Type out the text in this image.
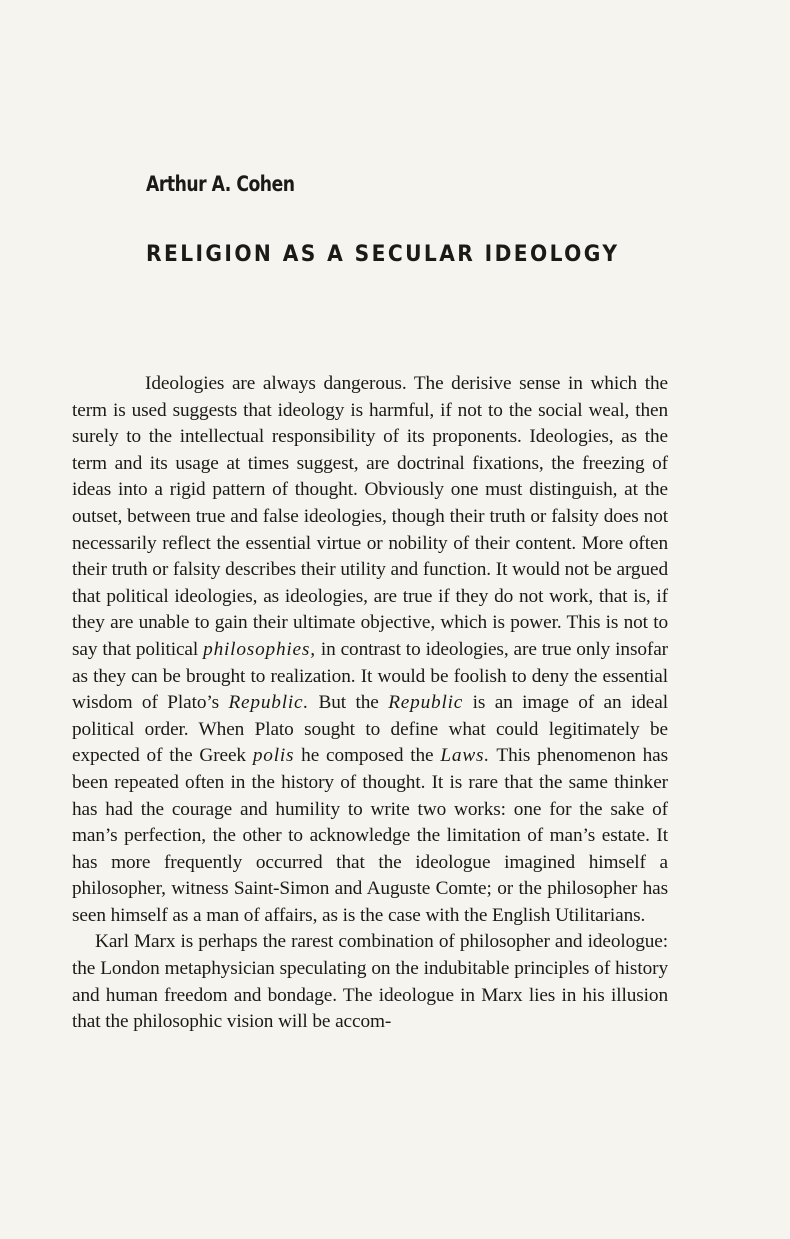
Arthur A. Cohen
RELIGION AS A SECULAR IDEOLOGY

Ideologies are always dangerous. The derisive sense in which the term is used suggests that ideology is harmful, if not to the social weal, then surely to the intellectual responsibility of its proponents. Ideologies, as the term and its usage at times suggest, are doctrinal fixations, the freezing of ideas into a rigid pattern of thought. Obviously one must distinguish, at the outset, between true and false ideologies, though their truth or falsity does not necessarily reflect the essential virtue or nobility of their content. More often their truth or falsity describes their utility and function. It would not be argued that political ideologies, as ideologies, are true if they do not work, that is, if they are unable to gain their ultimate objective, which is power. This is not to say that political philosophies, in contrast to ideologies, are true only insofar as they can be brought to realization. It would be foolish to deny the essential wisdom of Plato’s Republic. But the Republic is an image of an ideal political order. When Plato sought to define what could legitimately be expected of the Greek polis he composed the Laws. This phenomenon has been repeated often in the history of thought. It is rare that the same thinker has had the courage and humility to write two works: one for the sake of man’s perfection, the other to acknowledge the limitation of man’s estate. It has more frequently occurred that the ideologue imagined himself a philosopher, witness Saint-Simon and Auguste Comte; or the philosopher has seen himself as a man of affairs, as is the case with the English Utilitarians.

Karl Marx is perhaps the rarest combination of philosopher and ideologue: the London metaphysician speculating on the indubitable principles of history and human freedom and bondage. The ideologue in Marx lies in his illusion that the philosophic vision will be accom-
